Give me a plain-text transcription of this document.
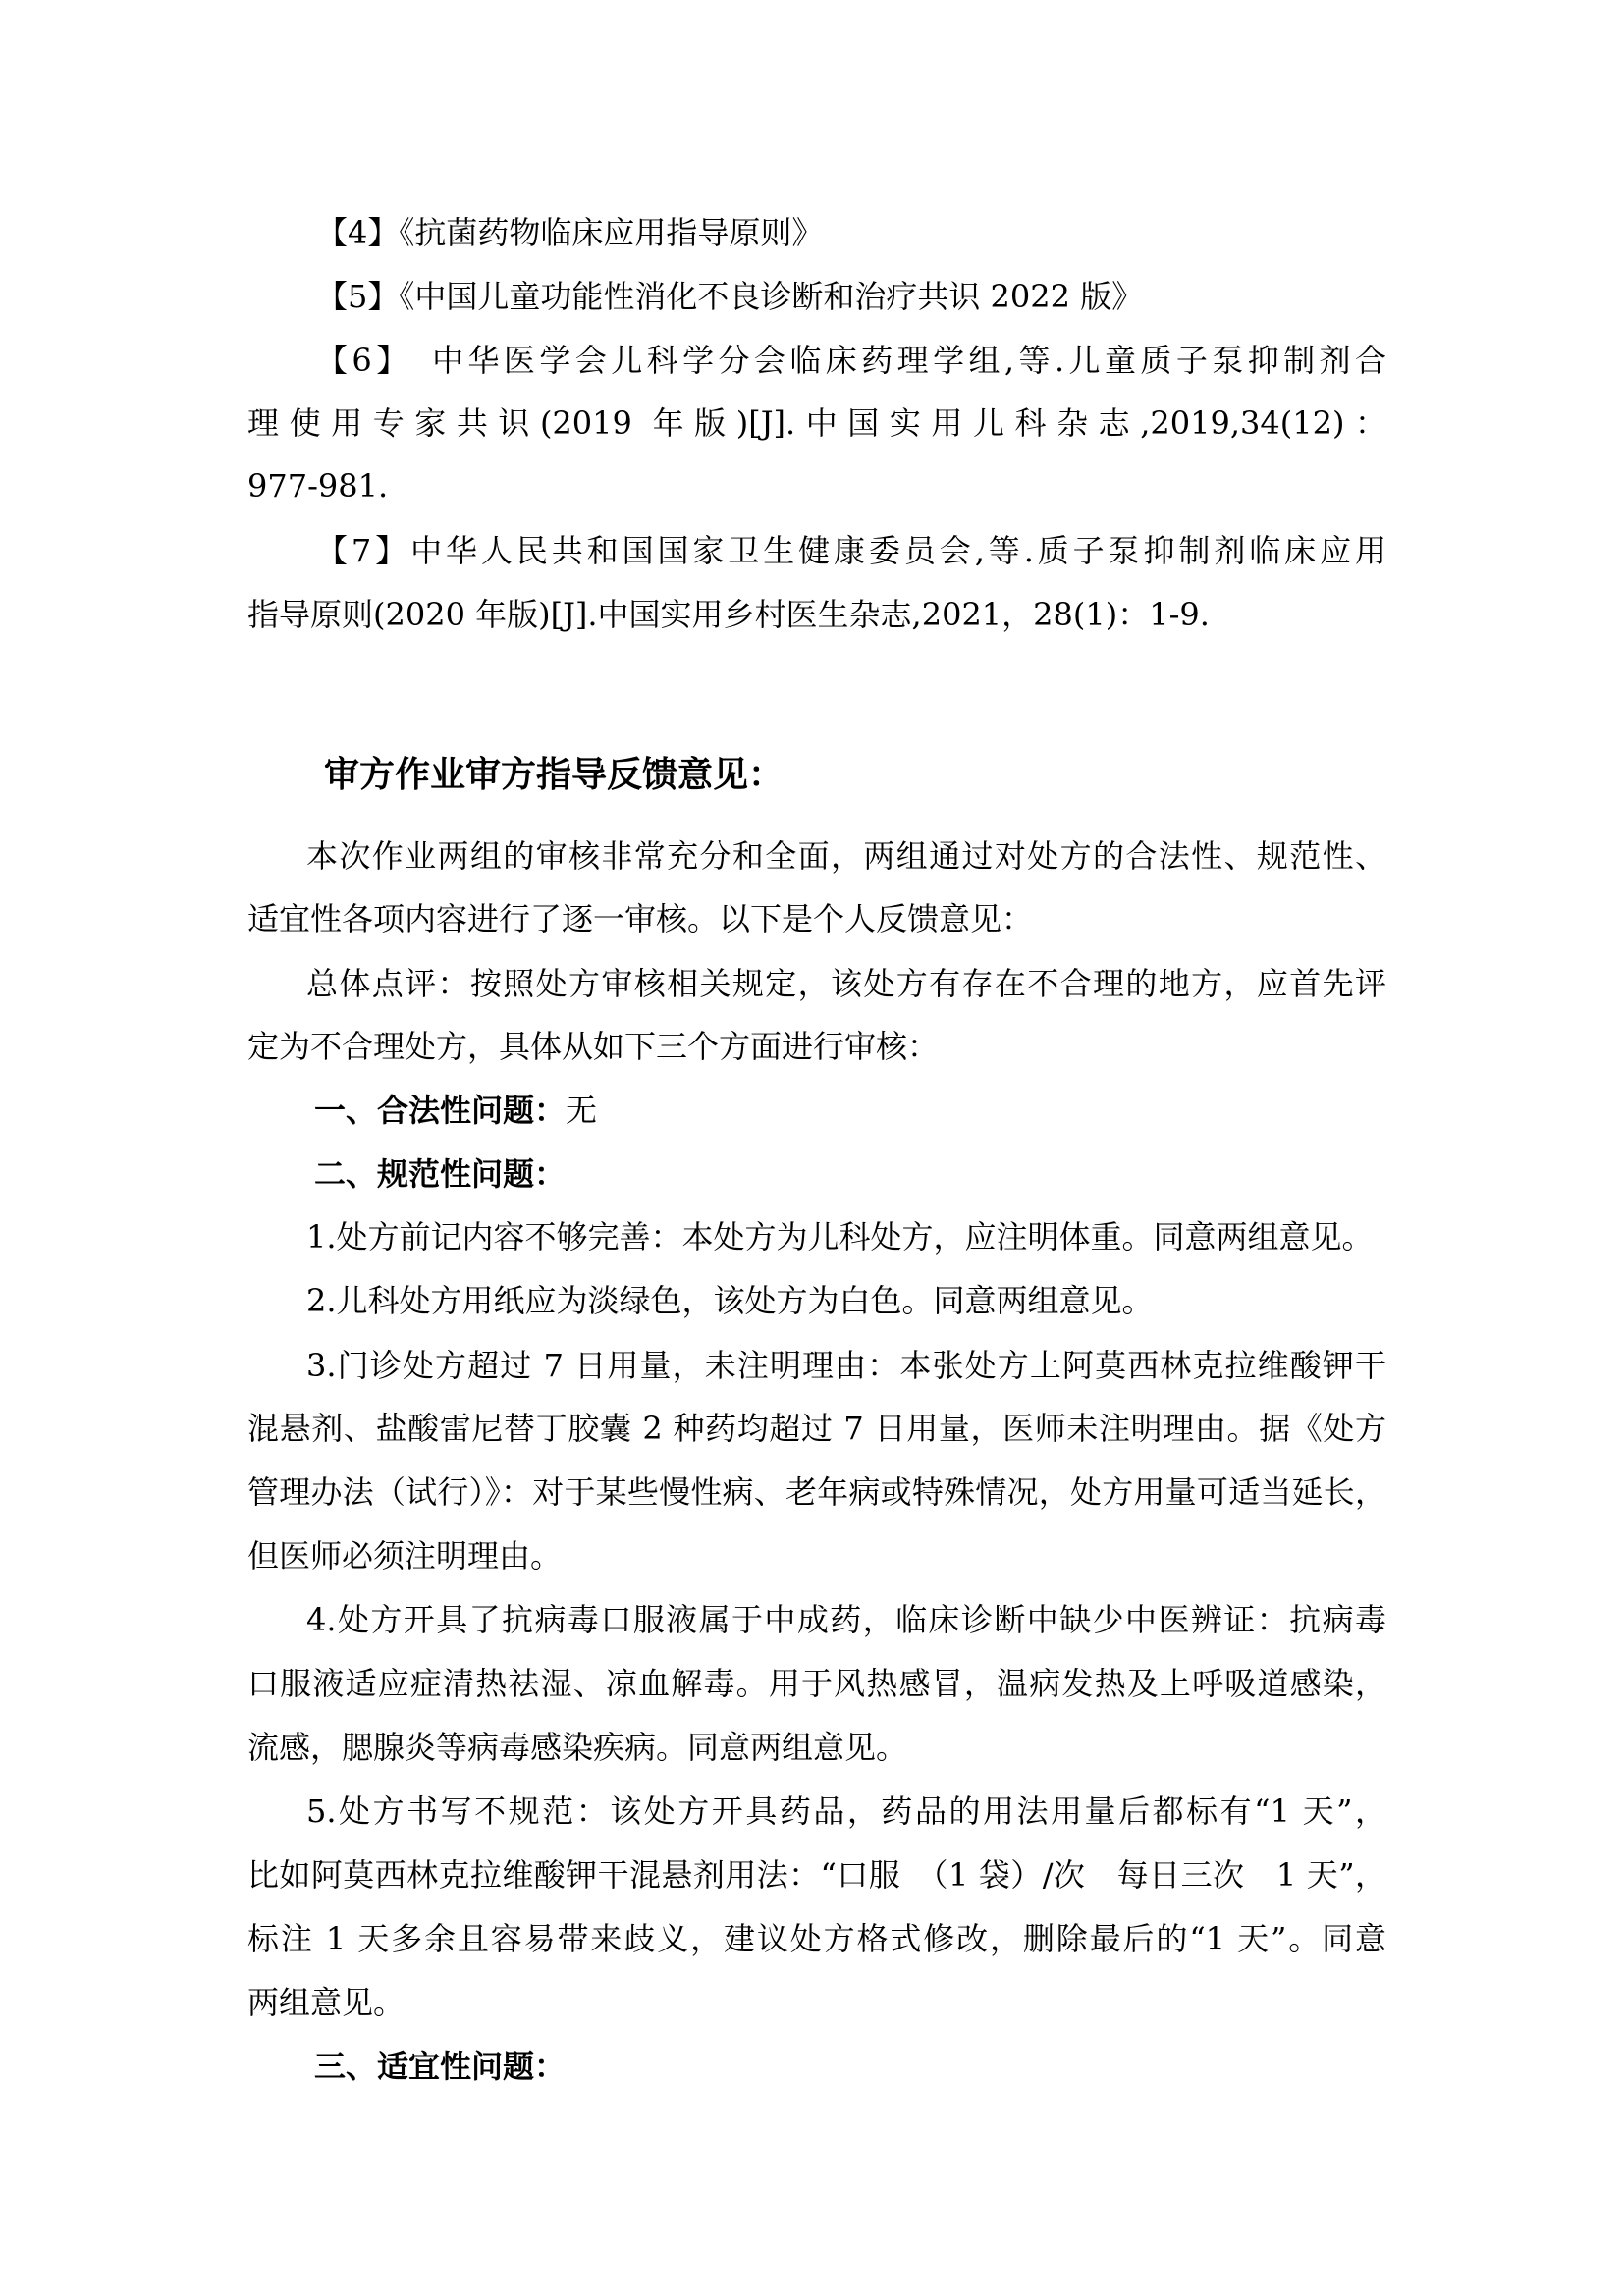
【4】《抗菌药物临床应用指导原则》
【5】《中国儿童功能性消化不良诊断和治疗共识 2022 版》
【6】　中华医学会儿科学分会临床药理学组,等.儿童质子泵抑制剂合
理使用专家共识(2019 年版)[J].中国实用儿科杂志,2019,34(12)：
977-981.
【7】中华人民共和国国家卫生健康委员会,等.质子泵抑制剂临床应用
指导原则(2020 年版)[J].中国实用乡村医生杂志,2021，28(1)：1-9.
审方作业审方指导反馈意见：
本次作业两组的审核非常充分和全面，两组通过对处方的合法性、规范性、
适宜性各项内容进行了逐一审核。以下是个人反馈意见：
总体点评：按照处方审核相关规定，该处方有存在不合理的地方，应首先评
定为不合理处方，具体从如下三个方面进行审核：
一、合法性问题：无
二、规范性问题：
1.处方前记内容不够完善：本处方为儿科处方，应注明体重。同意两组意见。
2.儿科处方用纸应为淡绿色，该处方为白色。同意两组意见。
3.门诊处方超过 7 日用量，未注明理由：本张处方上阿莫西林克拉维酸钾干
混悬剂、盐酸雷尼替丁胶囊 2 种药均超过 7 日用量，医师未注明理由。据《处方
管理办法（试行）》：对于某些慢性病、老年病或特殊情况，处方用量可适当延长，
但医师必须注明理由。
4.处方开具了抗病毒口服液属于中成药，临床诊断中缺少中医辨证：抗病毒
口服液适应症清热祛湿、凉血解毒。用于风热感冒，温病发热及上呼吸道感染，
流感，腮腺炎等病毒感染疾病。同意两组意见。
5.处方书写不规范：该处方开具药品，药品的用法用量后都标有“1 天”，
比如阿莫西林克拉维酸钾干混悬剂用法：“口服　（1 袋）/次　每日三次　1 天”，
标注 1 天多余且容易带来歧义，建议处方格式修改，删除最后的“1 天”。同意
两组意见。
三、适宜性问题：
